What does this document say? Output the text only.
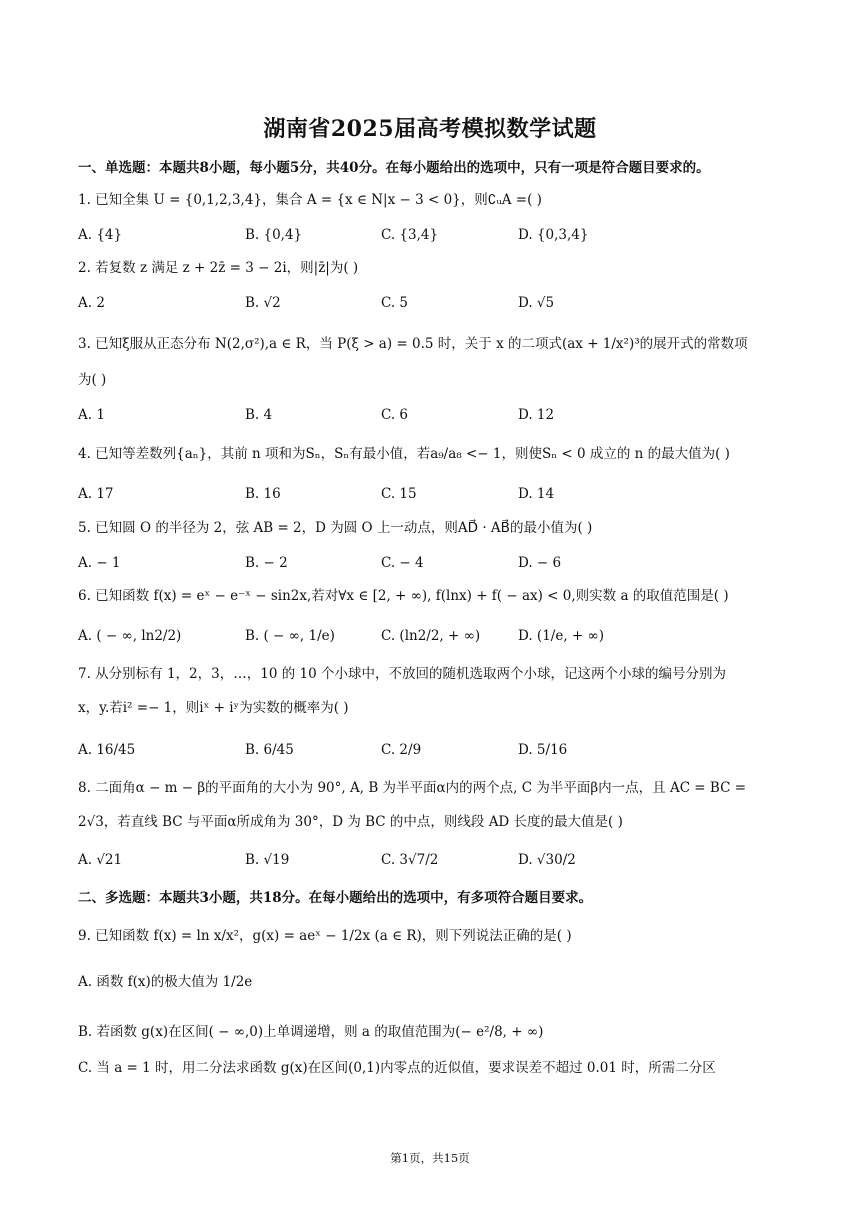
湖南省2025届高考模拟数学试题
一、单选题：本题共8小题，每小题5分，共40分。在每小题给出的选项中，只有一项是符合题目要求的。
1. 已知全集 U = {0,1,2,3,4}，集合 A = {x ∈ N|x − 3 < 0}，则∁ᵤA =( )
A. {4}	B. {0,4}	C. {3,4}	D. {0,3,4}
2. 若复数 z 满足 z + 2z̄ = 3 − 2i，则|z̄|为( )
A. 2	B. √2	C. 5	D. √5
3. 已知ξ服从正态分布 N(2,σ²),a ∈ R，当 P(ξ > a) = 0.5 时，关于 x 的二项式(ax + 1/x²)³的展开式的常数项
为( )
A. 1	B. 4	C. 6	D. 12
4. 已知等差数列{aₙ}，其前 n 项和为Sₙ，Sₙ有最小值，若a₉/a₈ <− 1，则使Sₙ < 0 成立的 n 的最大值为( )
A. 17	B. 16	C. 15	D. 14
5. 已知圆 O 的半径为 2，弦 AB = 2，D 为圆 O 上一动点，则AD⃗ · AB⃗的最小值为( )
A. − 1	B. − 2	C. − 4	D. − 6
6. 已知函数 f(x) = eˣ − e⁻ˣ − sin2x,若对∀x ∈ [2, + ∞), f(lnx) + f( − ax) < 0,则实数 a 的取值范围是( )
A. ( − ∞, ln2/2)	B. ( − ∞, 1/e)	C. (ln2/2, + ∞)	D. (1/e, + ∞)
7. 从分别标有 1，2，3，…，10 的 10 个小球中，不放回的随机选取两个小球，记这两个小球的编号分别为
x，y.若i² =− 1，则iˣ + iʸ为实数的概率为( )
A. 16/45	B. 6/45	C. 2/9	D. 5/16
8. 二面角α − m − β的平面角的大小为 90°, A, B 为半平面α内的两个点, C 为半平面β内一点，且 AC = BC =
2√3，若直线 BC 与平面α所成角为 30°，D 为 BC 的中点，则线段 AD 长度的最大值是( )
A. √21	B. √19	C. 3√7/2	D. √30/2
二、多选题：本题共3小题，共18分。在每小题给出的选项中，有多项符合题目要求。
9. 已知函数 f(x) = ln x/x²，g(x) = aeˣ − 1/2x (a ∈ R)，则下列说法正确的是( )
A. 函数 f(x)的极大值为 1/2e
B. 若函数 g(x)在区间( − ∞,0)上单调递增，则 a 的取值范围为(− e²/8, + ∞)
C. 当 a = 1 时，用二分法求函数 g(x)在区间(0,1)内零点的近似值，要求误差不超过 0.01 时，所需二分区
第1页，共15页
